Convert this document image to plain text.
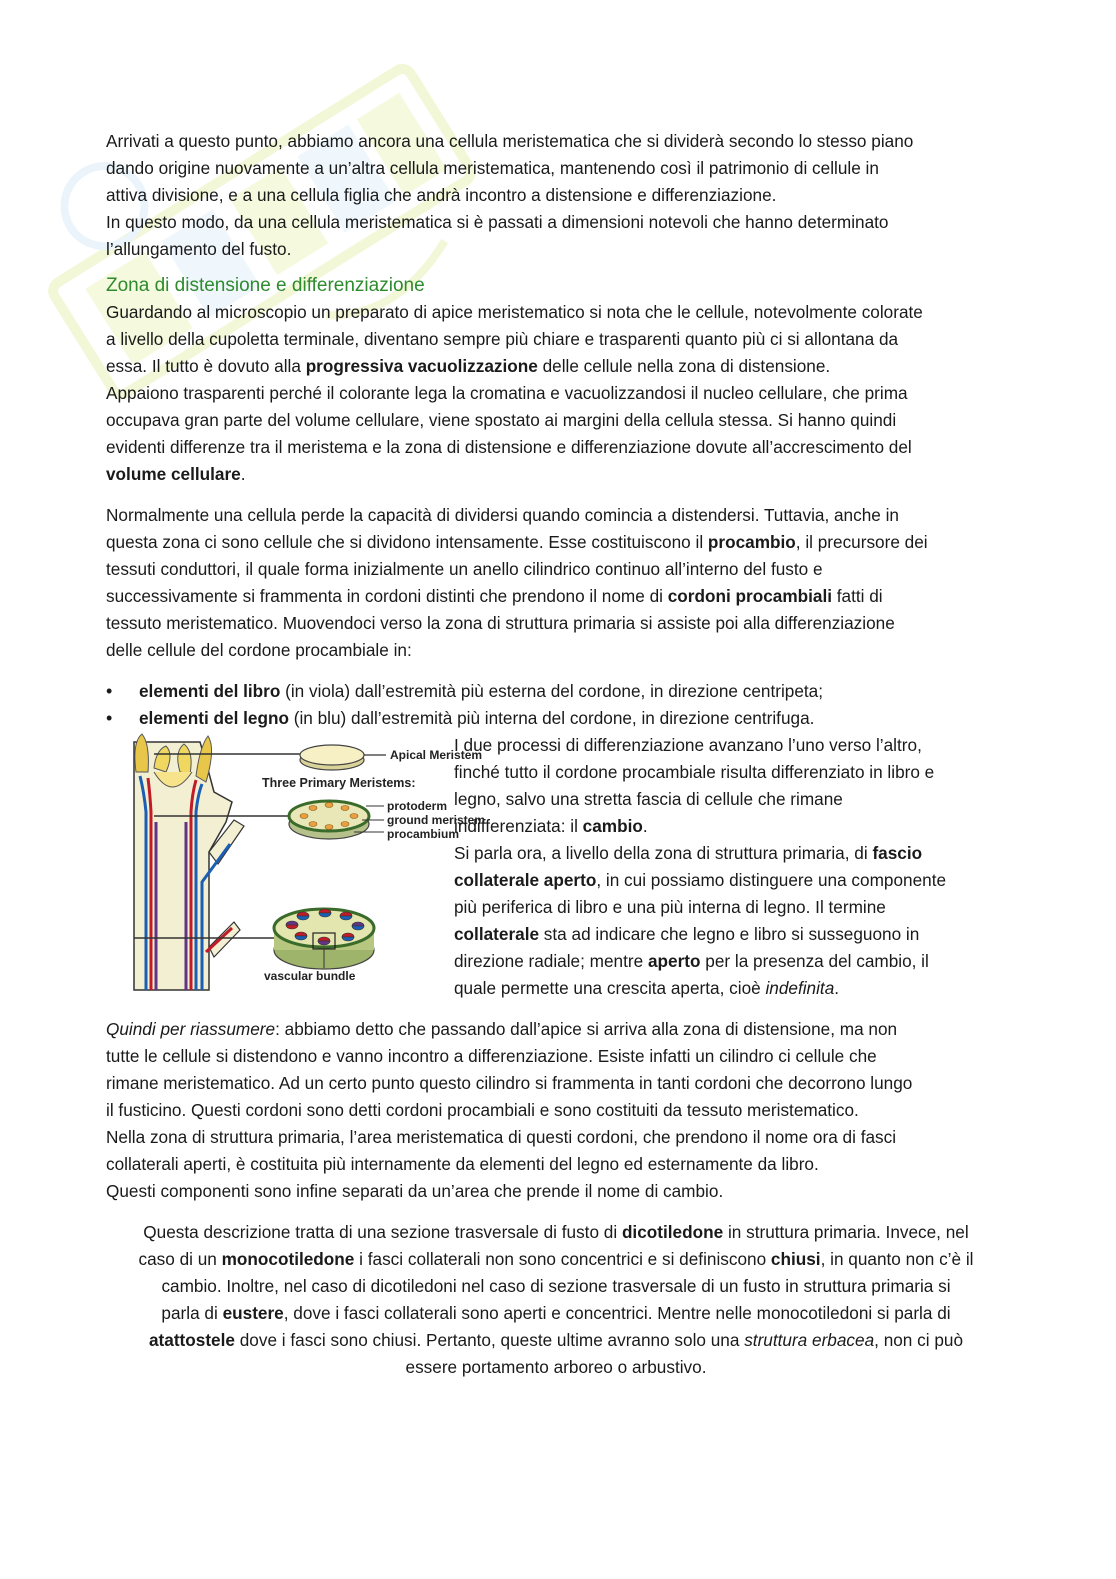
Arrivati a questo punto, abbiamo ancora una cellula meristematica che si dividerà secondo lo stesso piano
dando origine nuovamente a un’altra cellula meristematica, mantenendo così il patrimonio di cellule in
attiva divisione, e a una cellula figlia che andrà incontro a distensione e differenziazione.
In questo modo, da una cellula meristematica si è passati a dimensioni notevoli che hanno determinato
l’allungamento del fusto.

Zona di distensione e differenziazione

Guardando al microscopio un preparato di apice meristematico si nota che le cellule, notevolmente colorate
a livello della cupoletta terminale, diventano sempre più chiare e trasparenti quanto più ci si allontana da
essa. Il tutto è dovuto alla progressiva vacuolizzazione delle cellule nella zona di distensione.
Appaiono trasparenti perché il colorante lega la cromatina e vacuolizzandosi il nucleo cellulare, che prima
occupava gran parte del volume cellulare, viene spostato ai margini della cellula stessa. Si hanno quindi
evidenti differenze tra il meristema e la zona di distensione e differenziazione dovute all’accrescimento del
volume cellulare.

Normalmente una cellula perde la capacità di dividersi quando comincia a distendersi. Tuttavia, anche in
questa zona ci sono cellule che si dividono intensamente. Esse costituiscono il procambio, il precursore dei
tessuti conduttori, il quale forma inizialmente un anello cilindrico continuo all’interno del fusto e
successivamente si frammenta in cordoni distinti che prendono il nome di cordoni procambiali fatti di
tessuto meristematico. Muovendoci verso la zona di struttura primaria si assiste poi alla differenziazione
delle cellule del cordone procambiale in:

• elementi del libro (in viola) dall’estremità più esterna del cordone, in direzione centripeta;
• elementi del legno (in blu) dall’estremità più interna del cordone, in direzione centrifuga.
Apical Meristem
Three Primary Meristems:
protoderm
ground meristem
procambium
vascular bundle
I due processi di differenziazione avanzano l’uno verso l’altro,
finché tutto il cordone procambiale risulta differenziato in libro e
legno, salvo una stretta fascia di cellule che rimane
indifferenziata: il cambio.
Si parla ora, a livello della zona di struttura primaria, di fascio
collaterale aperto, in cui possiamo distinguere una componente
più periferica di libro e una più interna di legno. Il termine
collaterale sta ad indicare che legno e libro si susseguono in
direzione radiale; mentre aperto per la presenza del cambio, il
quale permette una crescita aperta, cioè indefinita.

Quindi per riassumere: abbiamo detto che passando dall’apice si arriva alla zona di distensione, ma non
tutte le cellule si distendono e vanno incontro a differenziazione. Esiste infatti un cilindro ci cellule che
rimane meristematico. Ad un certo punto questo cilindro si frammenta in tanti cordoni che decorrono lungo
il fusticino. Questi cordoni sono detti cordoni procambiali e sono costituiti da tessuto meristematico.
Nella zona di struttura primaria, l’area meristematica di questi cordoni, che prendono il nome ora di fasci
collaterali aperti, è costituita più internamente da elementi del legno ed esternamente da libro.
Questi componenti sono infine separati da un’area che prende il nome di cambio.

Questa descrizione tratta di una sezione trasversale di fusto di dicotiledone in struttura primaria. Invece, nel
caso di un monocotiledone i fasci collaterali non sono concentrici e si definiscono chiusi, in quanto non c’è il
cambio. Inoltre, nel caso di dicotiledoni nel caso di sezione trasversale di un fusto in struttura primaria si
parla di eustere, dove i fasci collaterali sono aperti e concentrici. Mentre nelle monocotiledoni si parla di
atattostele dove i fasci sono chiusi. Pertanto, queste ultime avranno solo una struttura erbacea, non ci può
essere portamento arboreo o arbustivo.
